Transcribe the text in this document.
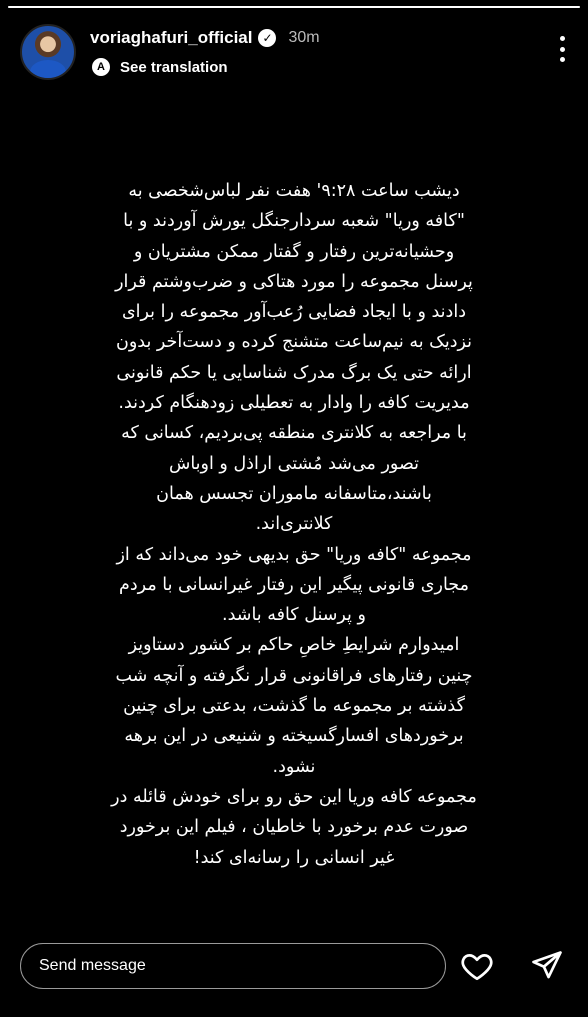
voriaghafuri_official ✓ 30m
A	See translation

دیشب ساعت ۹:۲۸' هفت نفر لباس‌شخصی به

"کافه وریا" شعبه سردارجنگل یورش آوردند و با

وحشیانه‌ترین رفتار و گفتار ممکن مشتریان و

پرسنل مجموعه را مورد هتاکی و ضرب‌وشتم قرار

دادند و با ایجاد فضایی رُعب‌آور مجموعه را برای

نزدیک به نیم‌ساعت متشنج کرده و دست‌آخر بدون

ارائه حتی یک برگ مدرک شناسایی یا حکم قانونی

مدیریت کافه را وادار به تعطیلی زودهنگام کردند.

با مراجعه به کلانتری منطقه پی‌بردیم، کسانی که

تصور می‌شد مُشتی اراذل و اوباش

باشند،متاسفانه ماموران تجسس همان

کلانتری‌اند.

مجموعه "کافه وریا" حق بدیهی خود می‌داند که از

مجاری قانونی پیگیر این رفتار غیرانسانی با مردم

و پرسنل کافه باشد.

امیدوارم شرایطِ خاصِ حاکم بر کشور دستاویز

چنین رفتارهای فراقانونی قرار نگرفته و آنچه شب

گذشته بر مجموعه ما گذشت، بدعتی برای چنین

برخوردهای افسارگسیخته و شنیعی در این برهه

نشود.

مجموعه کافه وریا این حق رو برای خودش قائله در

صورت عدم برخورد با خاطیان ، فیلم این برخورد

غیر انسانی را رسانه‌ای کند!

Send message
